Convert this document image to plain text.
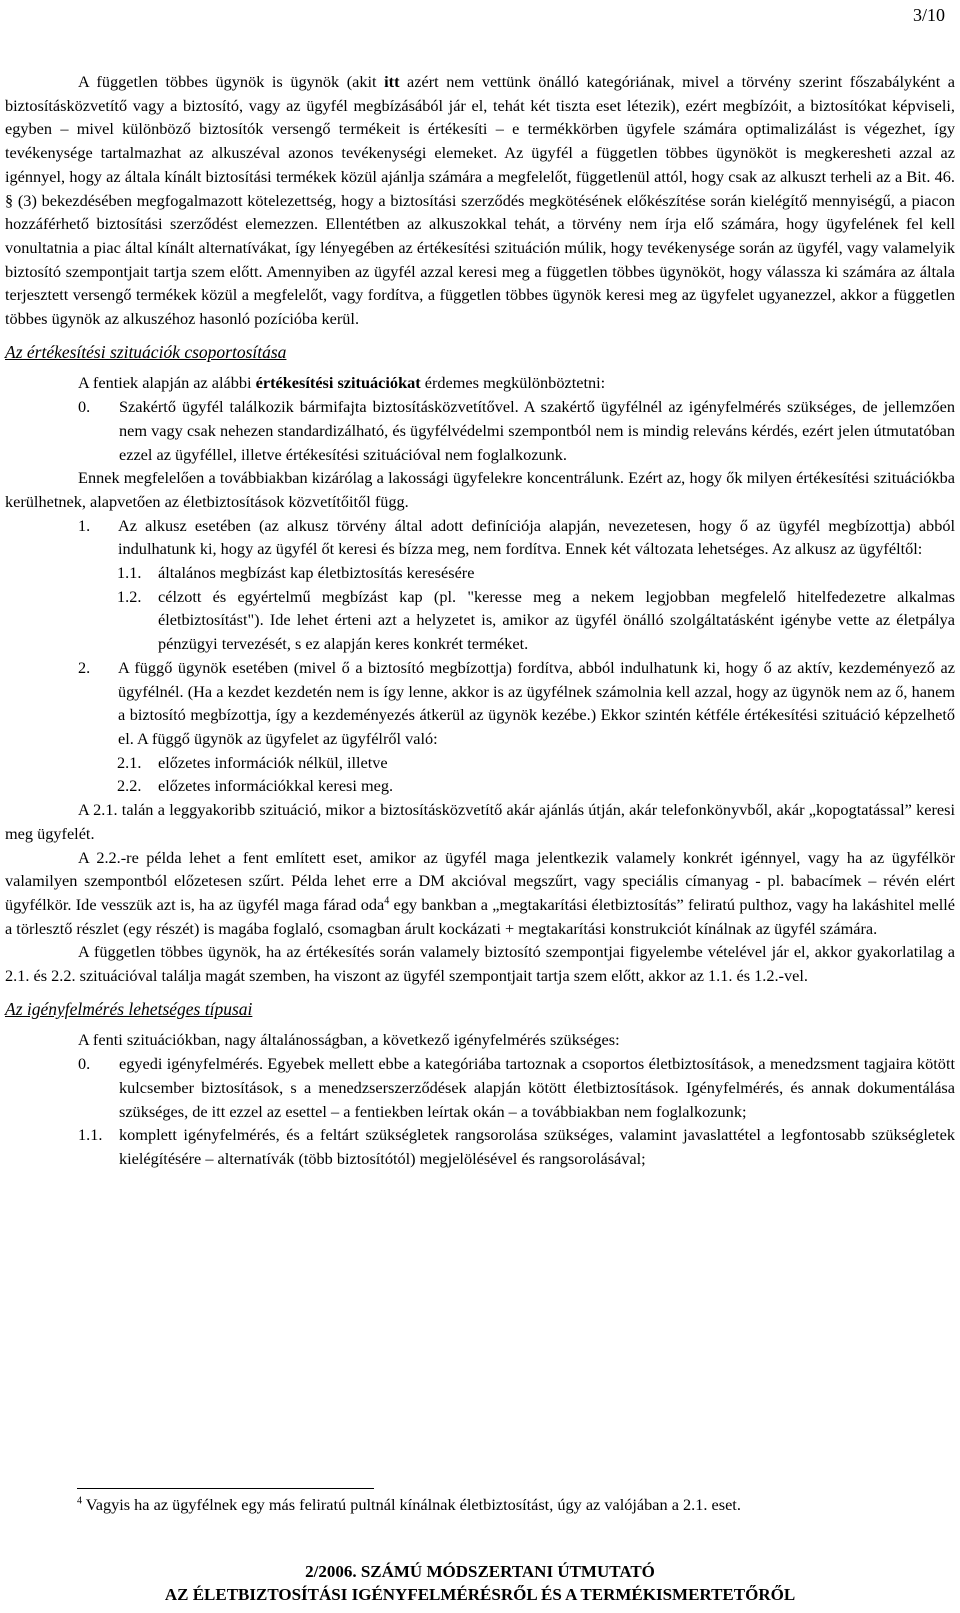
3/10

A független többes ügynök is ügynök (akit itt azért nem vettünk önálló kategóriának, mivel a törvény szerint főszabályként a biztosításközvetítő vagy a biztosító, vagy az ügyfél megbízásából jár el, tehát két tiszta eset létezik), ezért megbízóit, a biztosítókat képviseli, egyben – mivel különböző biztosítók versengő termékeit is értékesíti – e termékkörben ügyfele számára optimalizálást is végezhet, így tevékenysége tartalmazhat az alkuszéval azonos tevékenységi elemeket. Az ügyfél a független többes ügynököt is megkeresheti azzal az igénnyel, hogy az általa kínált biztosítási termékek közül ajánlja számára a megfelelőt, függetlenül attól, hogy csak az alkuszt terheli az a Bit. 46. § (3) bekezdésében megfogalmazott kötelezettség, hogy a biztosítási szerződés megkötésének előkészítése során kielégítő mennyiségű, a piacon hozzáférhető biztosítási szerződést elemezzen. Ellentétben az alkuszokkal tehát, a törvény nem írja elő számára, hogy ügyfelének fel kell vonultatnia a piac által kínált alternatívákat, így lényegében az értékesítési szituáción múlik, hogy tevékenysége során az ügyfél, vagy valamelyik biztosító szempontjait tartja szem előtt. Amennyiben az ügyfél azzal keresi meg a független többes ügynököt, hogy válassza ki számára az általa terjesztett versengő termékek közül a megfelelőt, vagy fordítva, a független többes ügynök keresi meg az ügyfelet ugyanezzel, akkor a független többes ügynök az alkuszéhoz hasonló pozícióba kerül.

Az értékesítési szituációk csoportosítása

A fentiek alapján az alábbi értékesítési szituációkat érdemes megkülönböztetni:

0.	Szakértő ügyfél találkozik bármifajta biztosításközvetítővel. A szakértő ügyfélnél az igényfelmérés szükséges, de jellemzően nem vagy csak nehezen standardizálható, és ügyfélvédelmi szempontból nem is mindig releváns kérdés, ezért jelen útmutatóban ezzel az ügyféllel, illetve értékesítési szituációval nem foglalkozunk.

Ennek megfelelően a továbbiakban kizárólag a lakossági ügyfelekre koncentrálunk. Ezért az, hogy ők milyen értékesítési szituációkba kerülhetnek, alapvetően az életbiztosítások közvetítőitől függ.

1.	Az alkusz esetében (az alkusz törvény által adott definíciója alapján, nevezetesen, hogy ő az ügyfél megbízottja) abból indulhatunk ki, hogy az ügyfél őt keresi és bízza meg, nem fordítva. Ennek két változata lehetséges. Az alkusz az ügyféltől:
1.1.	általános megbízást kap életbiztosítás keresésére
1.2.	célzott és egyértelmű megbízást kap (pl. "keresse meg a nekem legjobban megfelelő hitelfedezetre alkalmas életbiztosítást"). Ide lehet érteni azt a helyzetet is, amikor az ügyfél önálló szolgáltatásként igénybe vette az életpálya pénzügyi tervezését, s ez alapján keres konkrét terméket.
2.	A függő ügynök esetében (mivel ő a biztosító megbízottja) fordítva, abból indulhatunk ki, hogy ő az aktív, kezdeményező az ügyfélnél. (Ha a kezdet kezdetén nem is így lenne, akkor is az ügyfélnek számolnia kell azzal, hogy az ügynök nem az ő, hanem a biztosító megbízottja, így a kezdeményezés átkerül az ügynök kezébe.) Ekkor szintén kétféle értékesítési szituáció képzelhető el. A függő ügynök az ügyfelet az ügyfélről való:
2.1.	előzetes információk nélkül, illetve
2.2.	előzetes információkkal keresi meg.

A 2.1. talán a leggyakoribb szituáció, mikor a biztosításközvetítő akár ajánlás útján, akár telefonkönyvből, akár „kopogtatással” keresi meg ügyfelét.

A 2.2.-re példa lehet a fent említett eset, amikor az ügyfél maga jelentkezik valamely konkrét igénnyel, vagy ha az ügyfélkör valamilyen szempontból előzetesen szűrt. Példa lehet erre a DM akcióval megszűrt, vagy speciális címanyag - pl. babacímek – révén elért ügyfélkör. Ide vesszük azt is, ha az ügyfél maga fárad oda$^4$ egy bankban a „megtakarítási életbiztosítás” feliratú pulthoz, vagy ha lakáshitel mellé a törlesztő részlet (egy részét) is magába foglaló, csomagban árult kockázati + megtakarítási konstrukciót kínálnak az ügyfél számára.

A független többes ügynök, ha az értékesítés során valamely biztosító szempontjai figyelembe vételével jár el, akkor gyakorlatilag a 2.1. és 2.2. szituációval találja magát szemben, ha viszont az ügyfél szempontjait tartja szem előtt, akkor az 1.1. és 1.2.-vel.

Az igényfelmérés lehetséges típusai

A fenti szituációkban, nagy általánosságban, a következő igényfelmérés szükséges:

0.	egyedi igényfelmérés. Egyebek mellett ebbe a kategóriába tartoznak a csoportos életbiztosítások, a menedzsment tagjaira kötött kulcsember biztosítások, s a menedzserszerződések alapján kötött életbiztosítások. Igényfelmérés, és annak dokumentálása szükséges, de itt ezzel az esettel – a fentiekben leírtak okán – a továbbiakban nem foglalkozunk;
1.1.	komplett igényfelmérés, és a feltárt szükségletek rangsorolása szükséges, valamint javaslattétel a legfontosabb szükségletek kielégítésére – alternatívák (több biztosítótól) megjelölésével és rangsorolásával;
$^4$ Vagyis ha az ügyfélnek egy más feliratú pultnál kínálnak életbiztosítást, úgy az valójában a 2.1. eset.
2/2006. SZÁMÚ MÓDSZERTANI ÚTMUTATÓ
AZ ÉLETBIZTOSÍTÁSI IGÉNYFELMÉRÉSRŐL ÉS A TERMÉKISMERTETŐRŐL
